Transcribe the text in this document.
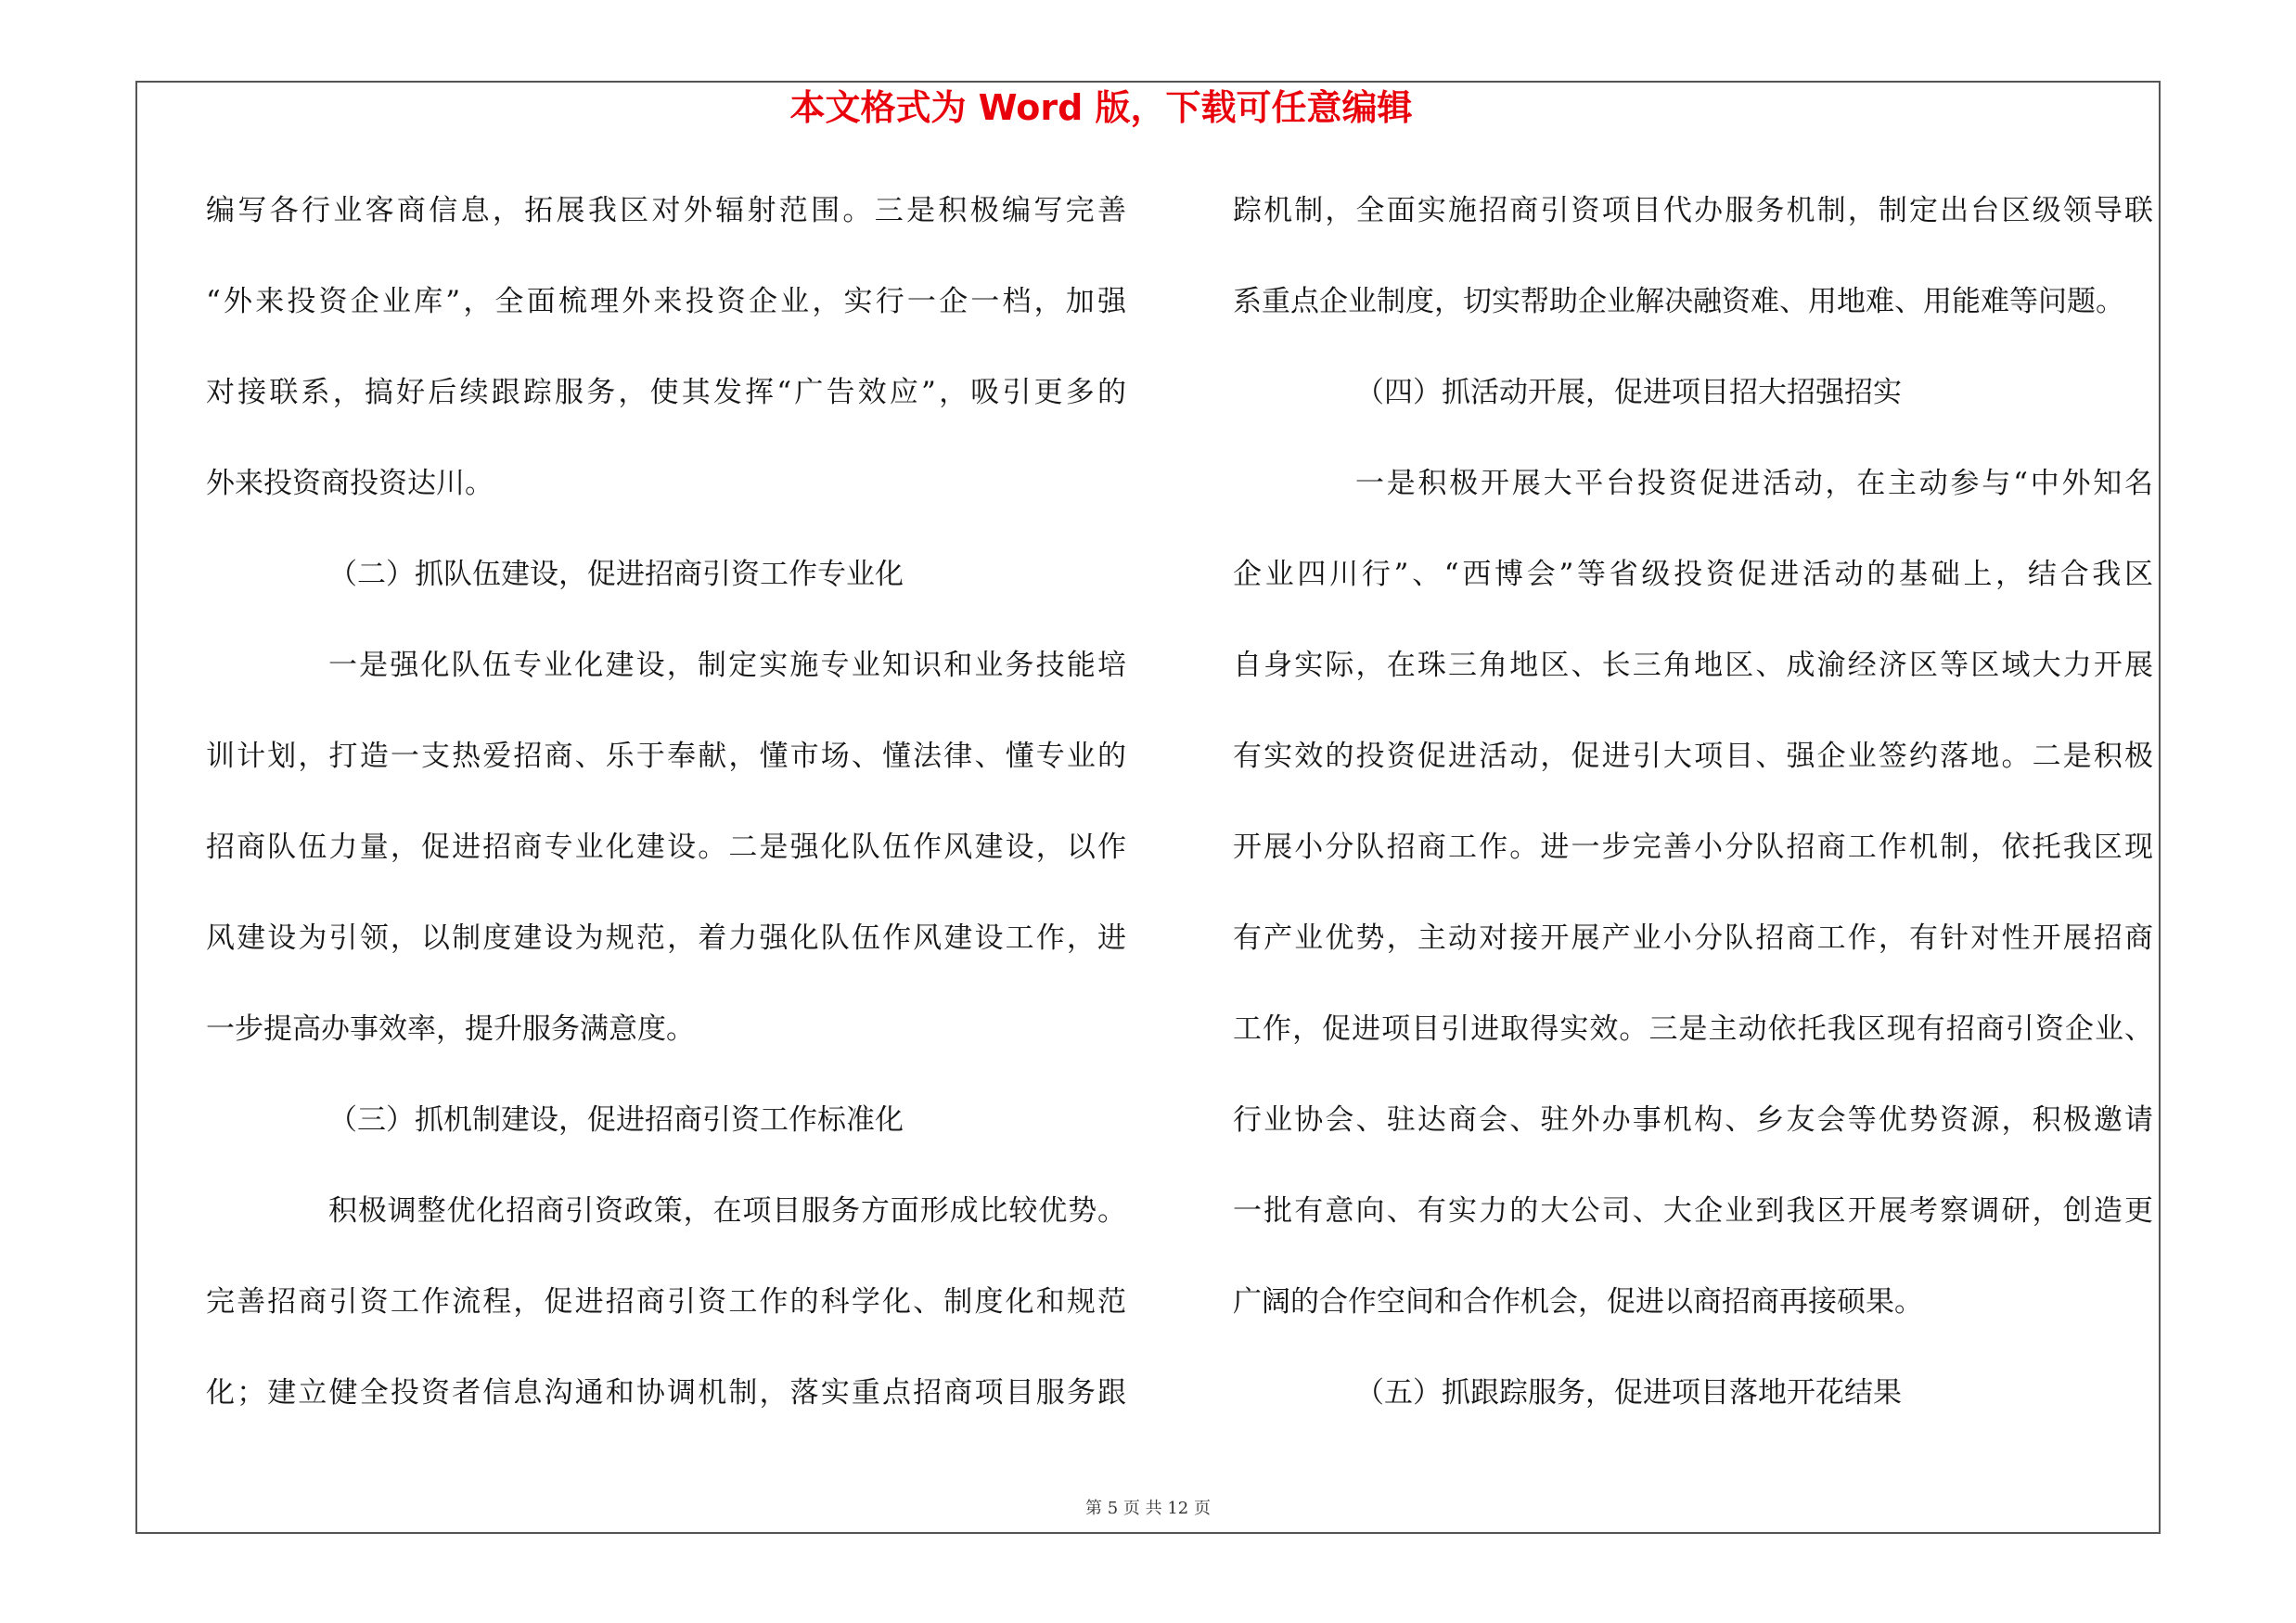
本文格式为 Word 版，下载可任意编辑
编写各行业客商信息，拓展我区对外辐射范围。三是积极编写完善
“外来投资企业库”，全面梳理外来投资企业，实行一企一档，加强
对接联系，搞好后续跟踪服务，使其发挥“广告效应”，吸引更多的
外来投资商投资达川。
（二）抓队伍建设，促进招商引资工作专业化
一是强化队伍专业化建设，制定实施专业知识和业务技能培
训计划，打造一支热爱招商、乐于奉献，懂市场、懂法律、懂专业的
招商队伍力量，促进招商专业化建设。二是强化队伍作风建设，以作
风建设为引领，以制度建设为规范，着力强化队伍作风建设工作，进
一步提高办事效率，提升服务满意度。
（三）抓机制建设，促进招商引资工作标准化
积极调整优化招商引资政策，在项目服务方面形成比较优势。
完善招商引资工作流程，促进招商引资工作的科学化、制度化和规范
化；建立健全投资者信息沟通和协调机制，落实重点招商项目服务跟
踪机制，全面实施招商引资项目代办服务机制，制定出台区级领导联
系重点企业制度，切实帮助企业解决融资难、用地难、用能难等问题。
（四）抓活动开展，促进项目招大招强招实
一是积极开展大平台投资促进活动，在主动参与“中外知名
企业四川行”、“西博会”等省级投资促进活动的基础上，结合我区
自身实际，在珠三角地区、长三角地区、成渝经济区等区域大力开展
有实效的投资促进活动，促进引大项目、强企业签约落地。二是积极
开展小分队招商工作。进一步完善小分队招商工作机制，依托我区现
有产业优势，主动对接开展产业小分队招商工作，有针对性开展招商
工作，促进项目引进取得实效。三是主动依托我区现有招商引资企业、
行业协会、驻达商会、驻外办事机构、乡友会等优势资源，积极邀请
一批有意向、有实力的大公司、大企业到我区开展考察调研，创造更
广阔的合作空间和合作机会，促进以商招商再接硕果。
（五）抓跟踪服务，促进项目落地开花结果
第 5 页 共 12 页
